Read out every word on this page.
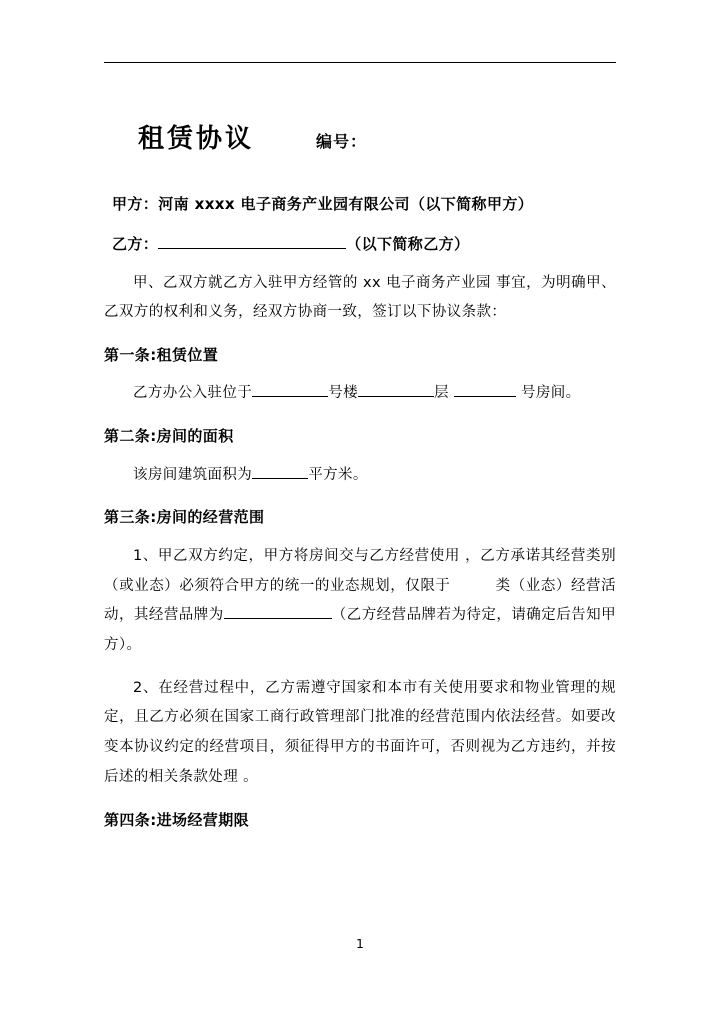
租赁协议	编号：

甲方：河南 xxxx 电子商务产业园有限公司（以下简称甲方）

乙方：	（以下简称乙方）

甲、乙双方就乙方入驻甲方经管的 xx 电子商务产业园 事宜，为明确甲、乙双方的权利和义务，经双方协商一致，签订以下协议条款：

第一条:租赁位置

乙方办公入驻位于	号楼	层	号房间。

第二条:房间的面积

该房间建筑面积为	平方米。

第三条:房间的经营范围

1、甲乙双方约定，甲方将房间交与乙方经营使用 ，乙方承诺其经营类别（或业态）必须符合甲方的统一的业态规划，仅限于　　　类（业态）经营活动，其经营品牌为	（乙方经营品牌若为待定，请确定后告知甲方）。

2、在经营过程中，乙方需遵守国家和本市有关使用要求和物业管理的规定，且乙方必须在国家工商行政管理部门批准的经营范围内依法经营。如要改变本协议约定的经营项目，须征得甲方的书面许可，否则视为乙方违约，并按后述的相关条款处理 。

第四条:进场经营期限

1
